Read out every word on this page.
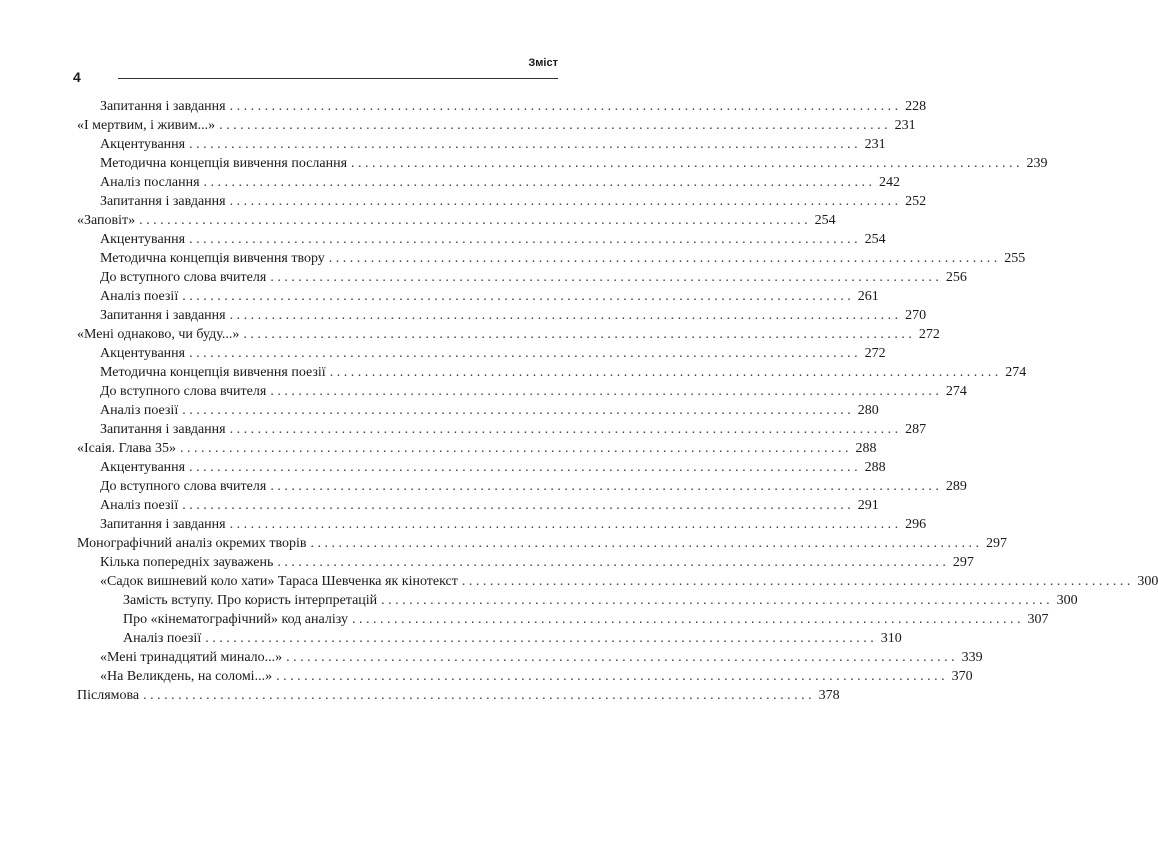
Зміст
4
Запитання і завдання . . .	228
«І мертвим, і живим...» . . .	231
Акцентування . . .	231
Методична концепція вивчення послання . . .	239
Аналіз послання . . .	242
Запитання і завдання . . .	252
«Заповіт» . . .	254
Акцентування . . .	254
Методична концепція вивчення твору . . .	255
До вступного слова вчителя . . .	256
Аналіз поезії . . .	261
Запитання і завдання . . .	270
«Мені однаково, чи буду...» . . .	272
Акцентування . . .	272
Методична концепція вивчення поезії . . .	274
До вступного слова вчителя . . .	274
Аналіз поезії . . .	280
Запитання і завдання . . .	287
«Ісаія. Глава 35» . . .	288
Акцентування . . .	288
До вступного слова вчителя . . .	289
Аналіз поезії . . .	291
Запитання і завдання . . .	296
Монографічний аналіз окремих творів . . .	297
Кілька попередніх зауважень . . .	297
«Садок вишневий коло хати» Тараса Шевченка як кінотекст . . .	300
Замість вступу. Про користь інтерпретацій . . .	300
Про «кінематографічний» код аналізу . . .	307
Аналіз поезії . . .	310
«Мені тринадцятий минало...» . . .	339
«На Великдень, на соломі...» . . .	370
Післямова . . .	378
